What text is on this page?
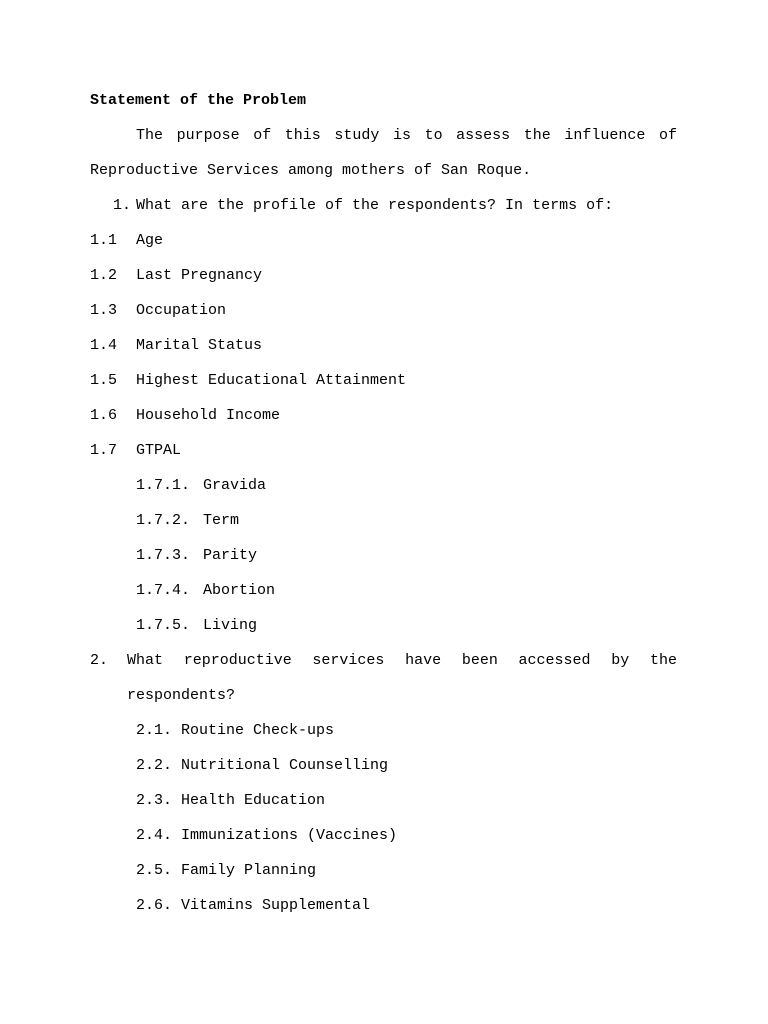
Statement of the Problem
The purpose of this study is to assess the influence of
Reproductive Services among mothers of San Roque.
1. What are the profile of the respondents? In terms of:
1.1 Age
1.2 Last Pregnancy
1.3 Occupation
1.4 Marital Status
1.5 Highest Educational Attainment
1.6 Household Income
1.7 GTPAL
1.7.1. Gravida
1.7.2. Term
1.7.3. Parity
1.7.4. Abortion
1.7.5. Living
2. What reproductive services have been accessed by the
respondents?
2.1. Routine Check-ups
2.2. Nutritional Counselling
2.3. Health Education
2.4. Immunizations (Vaccines)
2.5. Family Planning
2.6. Vitamins Supplemental
